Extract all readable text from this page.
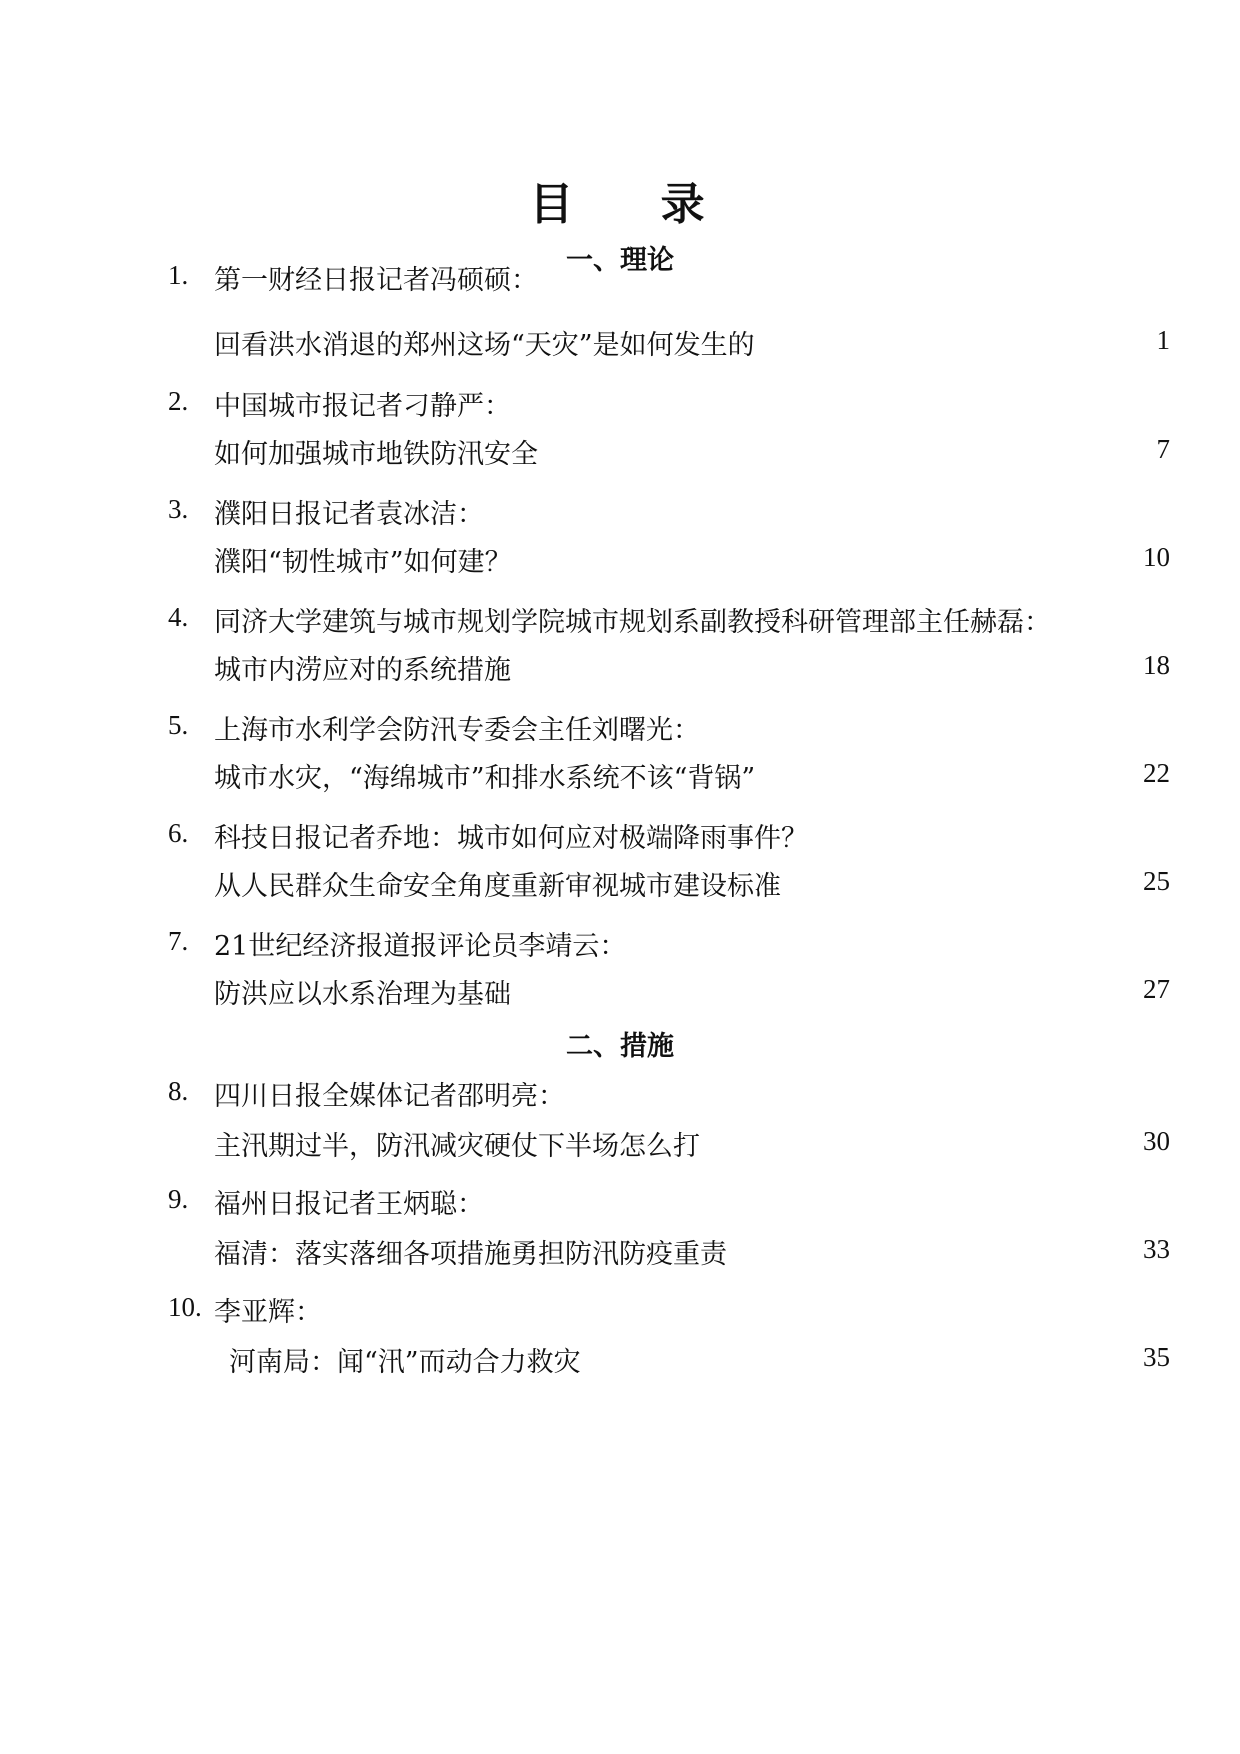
目 录
一、理论
1. 第一财经日报记者冯硕硕：
回看洪水消退的郑州这场“天灾”是如何发生的	1
2. 中国城市报记者刁静严：
如何加强城市地铁防汛安全	7
3. 濮阳日报记者袁冰洁：
濮阳“韧性城市”如何建？	10
4. 同济大学建筑与城市规划学院城市规划系副教授科研管理部主任赫磊：
城市内涝应对的系统措施	18
5. 上海市水利学会防汛专委会主任刘曙光：
城市水灾，“海绵城市”和排水系统不该“背锅”	22
6. 科技日报记者乔地：城市如何应对极端降雨事件？
从人民群众生命安全角度重新审视城市建设标准	25
7. 21世纪经济报道报评论员李靖云：
防洪应以水系治理为基础	27
二、措施
8. 四川日报全媒体记者邵明亮：
主汛期过半，防汛减灾硬仗下半场怎么打	30
9. 福州日报记者王炳聪：
福清：落实落细各项措施勇担防汛防疫重责	33
10. 李亚辉：
河南局：闻“汛”而动合力救灾	35
